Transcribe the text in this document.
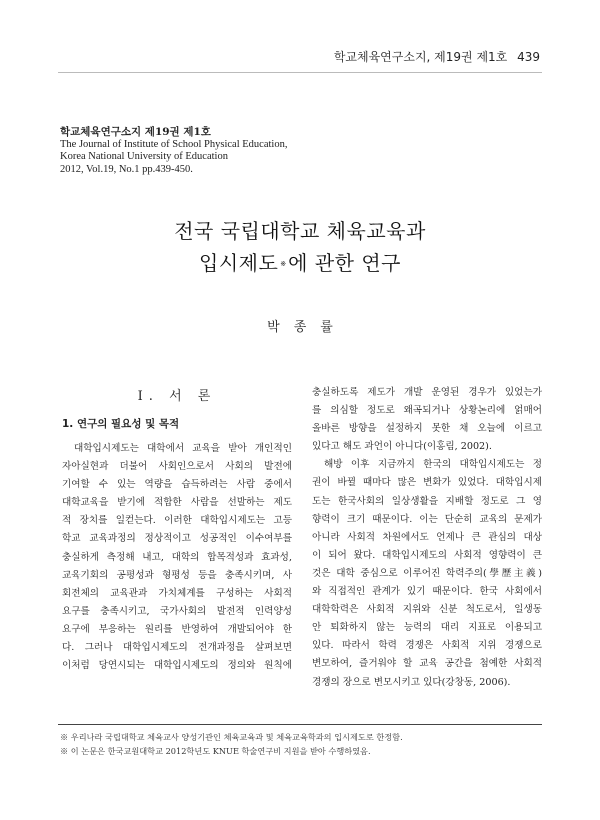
학교체육연구소지, 제19권 제1호 439
학교체육연구소지 제19권 제1호
The Journal of Institute of School Physical Education,
Korea National University of Education
2012, Vol.19, No.1 pp.439-450.
전국 국립대학교 체육교육과
입시제도 ※ 에 관한 연구
박종률
Ⅰ. 서 론
1. 연구의 필요성 및 목적
대학입시제도는 대학에서 교육을 받아 개인적인
자아실현과 더불어 사회인으로서 사회의 발전에
기여할 수 있는 역량을 습득하려는 사람 중에서
대학교육을 받기에 적합한 사람을 선발하는 제도
적 장치를 일컫는다. 이러한 대학입시제도는 고등
학교 교육과정의 정상적이고 성공적인 이수여부를
충실하게 측정해 내고, 대학의 합목적성과 효과성,
교육기회의 공평성과 형평성 등을 충족시키며, 사
회전체의 교육관과 가치체계를 구성하는 사회적
요구를 충족시키고, 국가사회의 발전적 인력양성
요구에 부응하는 원리를 반영하여 개발되어야 한
다. 그러나 대학입시제도의 전개과정을 살펴보면
이처럼 당연시되는 대학입시제도의 정의와 원칙에
충실하도록 제도가 개발 운영된 경우가 있었는가
를 의심할 정도로 왜곡되거나 상황논리에 얽매어
올바른 방향을 설정하지 못한 채 오늘에 이르고
있다고 해도 과언이 아니다(이홍림, 2002).
해방 이후 지금까지 한국의 대학입시제도는 정
권이 바뀔 때마다 많은 변화가 있었다. 대학입시제
도는 한국사회의 일상생활을 지배할 정도로 그 영
향력이 크기 때문이다. 이는 단순히 교육의 문제가
아니라 사회적 차원에서도 언제나 큰 관심의 대상
이 되어 왔다. 대학입시제도의 사회적 영향력이 큰
것은 대학 중심으로 이루어진 학력주의(學歷主義)
와 직접적인 관계가 있기 때문이다. 한국 사회에서
대학학력은 사회적 지위와 신분 척도로서, 일생동
안 퇴화하지 않는 능력의 대리 지표로 이용되고
있다. 따라서 학력 경쟁은 사회적 지위 경쟁으로
변모하여, 즐거워야 할 교육 공간을 첨예한 사회적
경쟁의 장으로 변모시키고 있다(강창동, 2006).
※ 우리나라 국립대학교 체육교사 양성기관인 체육교육과 및 체육교육학과의 입시제도로 한정함.
※ 이 논문은 한국교원대학교 2012학년도 KNUE 학술연구비 지원을 받아 수행하였음.
